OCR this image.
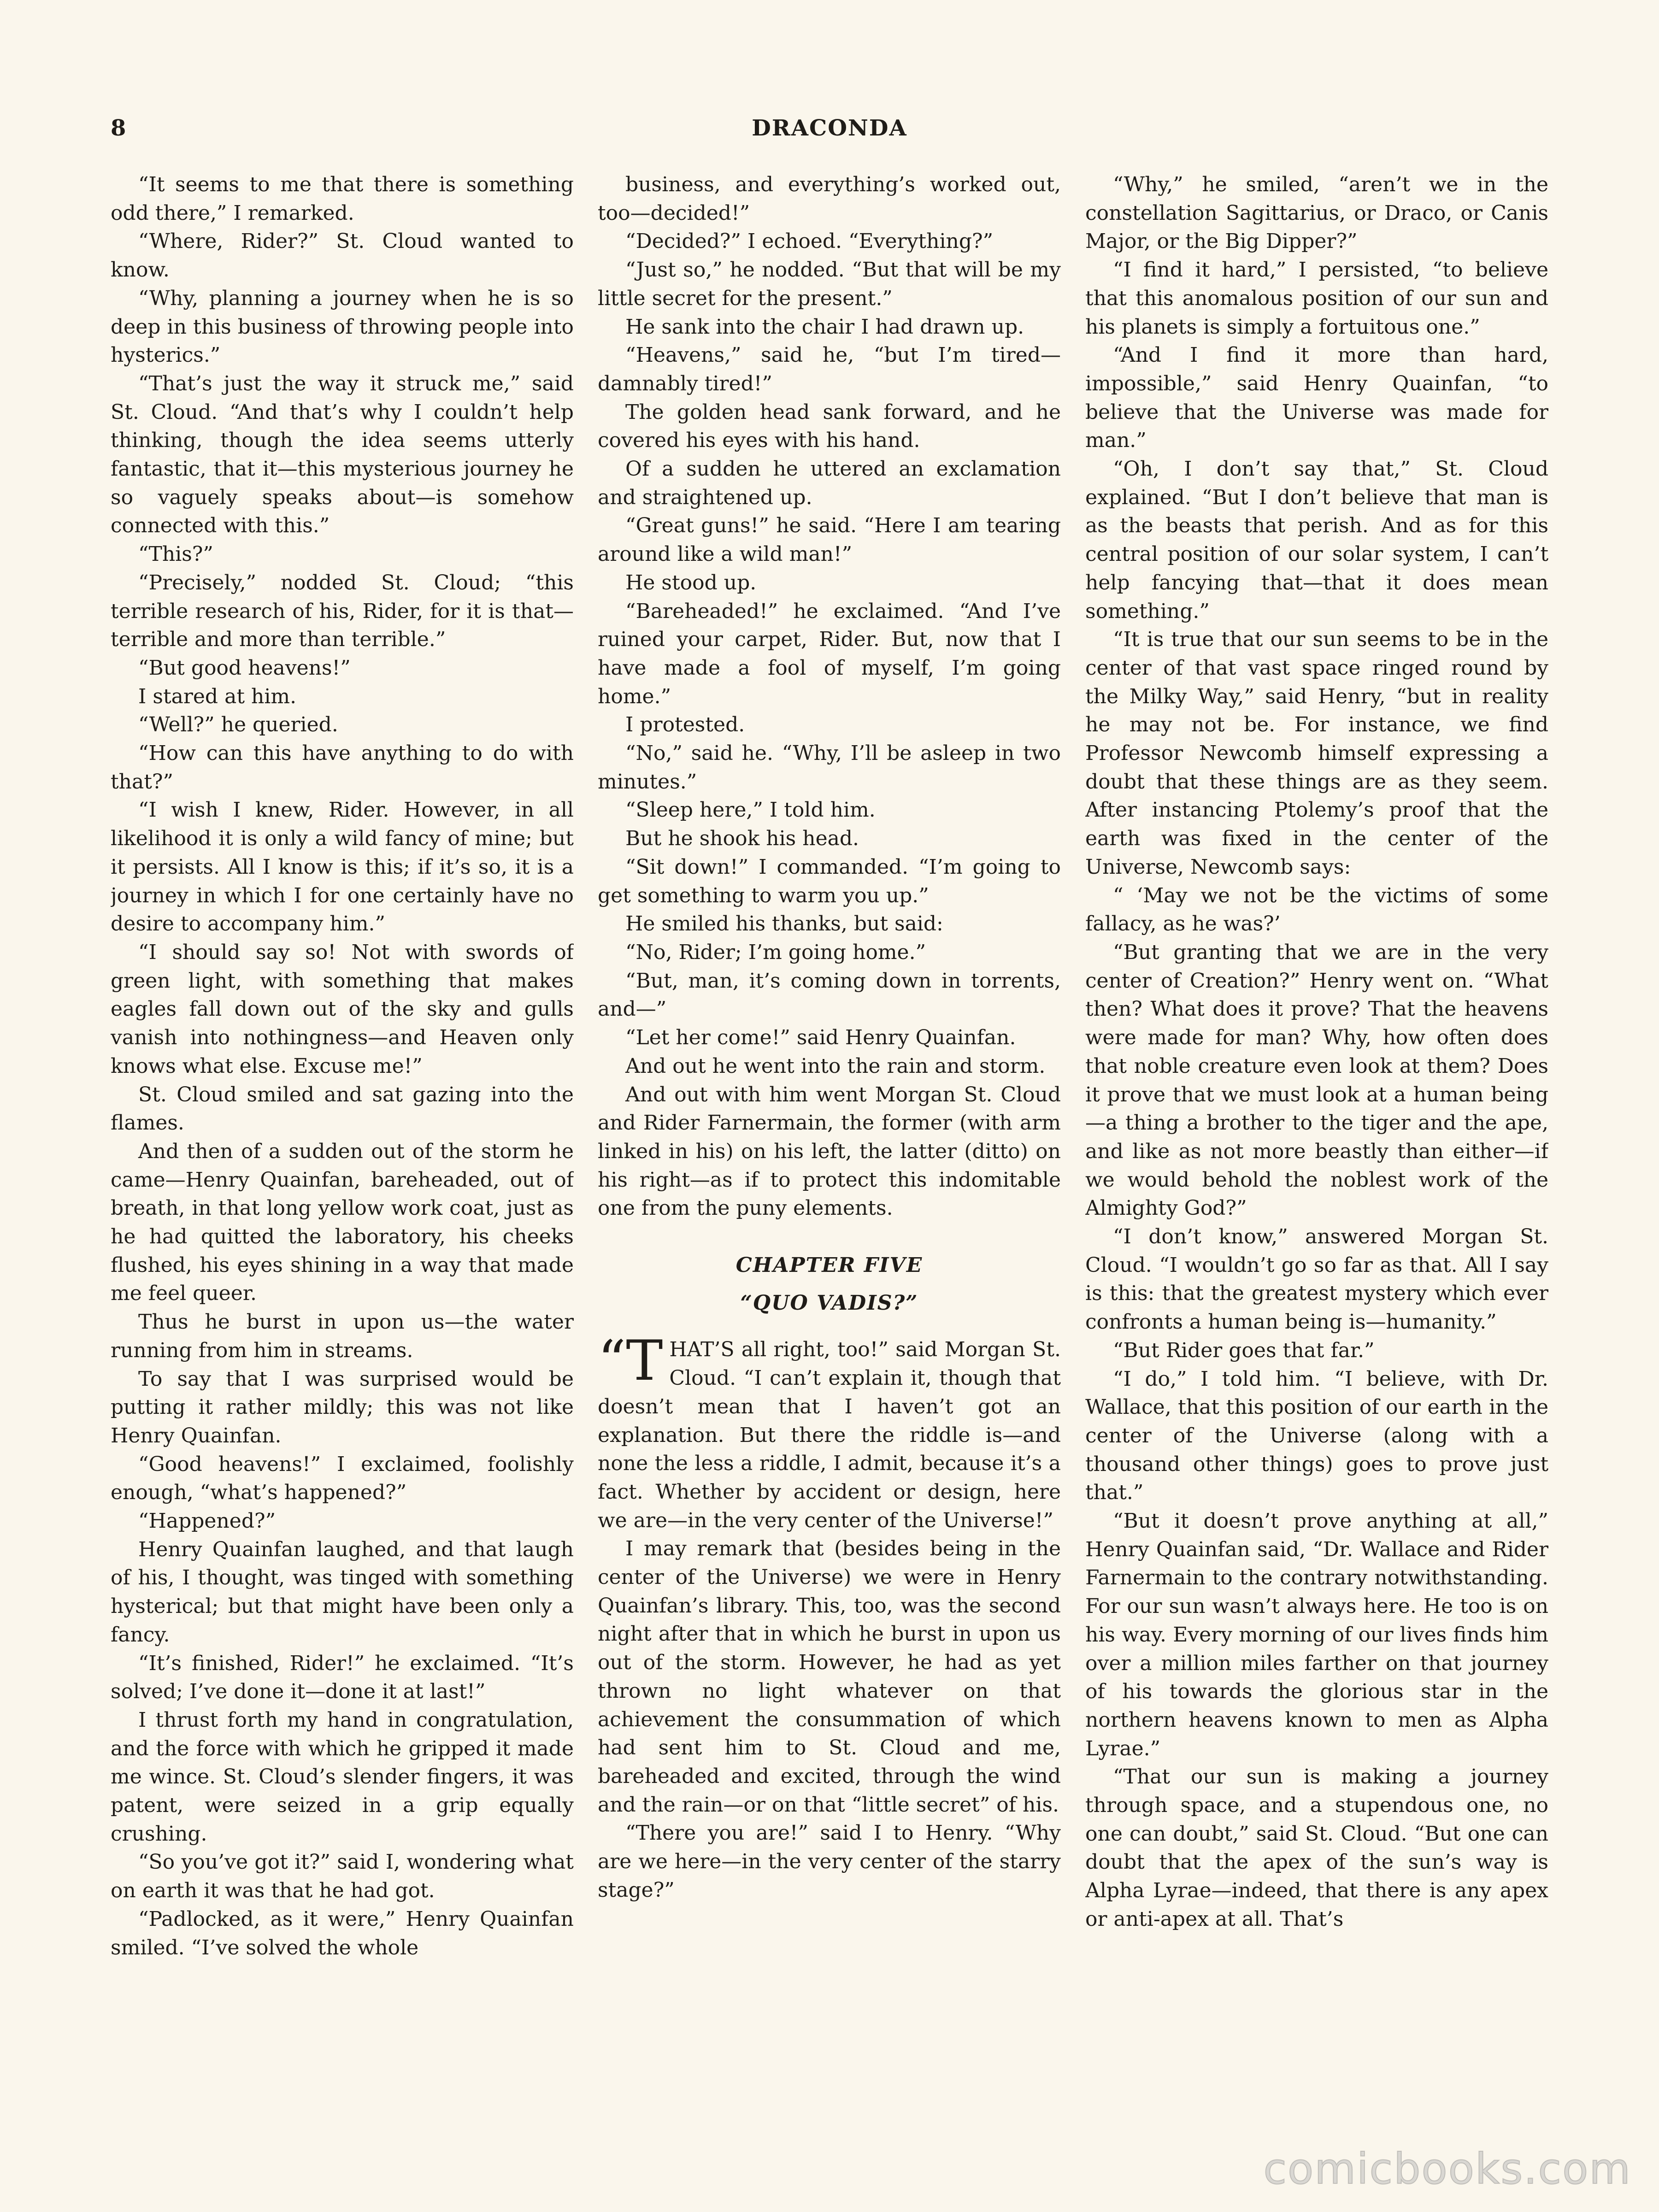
8	DRACONDA

“It seems to me that there is something odd there,” I remarked.

“Where, Rider?” St. Cloud wanted to know.

“Why, planning a journey when he is so deep in this business of throwing people into hysterics.”

“That’s just the way it struck me,” said St. Cloud. “And that’s why I couldn’t help thinking, though the idea seems utterly fantastic, that it—this mysterious journey he so vaguely speaks about—is somehow connected with this.”

“This?”

“Precisely,” nodded St. Cloud; “this terrible research of his, Rider, for it is that—terrible and more than terrible.”

“But good heavens!”

I stared at him.

“Well?” he queried.

“How can this have anything to do with that?”

“I wish I knew, Rider. However, in all likelihood it is only a wild fancy of mine; but it persists. All I know is this; if it’s so, it is a journey in which I for one certainly have no desire to accompany him.”

“I should say so! Not with swords of green light, with something that makes eagles fall down out of the sky and gulls vanish into nothingness—and Heaven only knows what else. Excuse me!”

St. Cloud smiled and sat gazing into the flames.

And then of a sudden out of the storm he came—Henry Quainfan, bareheaded, out of breath, in that long yellow work coat, just as he had quitted the laboratory, his cheeks flushed, his eyes shining in a way that made me feel queer.

Thus he burst in upon us—the water running from him in streams.

To say that I was surprised would be putting it rather mildly; this was not like Henry Quainfan.

“Good heavens!” I exclaimed, foolishly enough, “what’s happened?”

“Happened?”

Henry Quainfan laughed, and that laugh of his, I thought, was tinged with something hysterical; but that might have been only a fancy.

“It’s finished, Rider!” he exclaimed. “It’s solved; I’ve done it—done it at last!”

I thrust forth my hand in congratulation, and the force with which he gripped it made me wince. St. Cloud’s slender fingers, it was patent, were seized in a grip equally crushing.

“So you’ve got it?” said I, wondering what on earth it was that he had got.

“Padlocked, as it were,” Henry Quainfan smiled. “I’ve solved the whole

business, and everything’s worked out, too—decided!”

“Decided?” I echoed. “Everything?”

“Just so,” he nodded. “But that will be my little secret for the present.”

He sank into the chair I had drawn up.

“Heavens,” said he, “but I’m tired—damnably tired!”

The golden head sank forward, and he covered his eyes with his hand.

Of a sudden he uttered an exclamation and straightened up.

“Great guns!” he said. “Here I am tearing around like a wild man!”

He stood up.

“Bareheaded!” he exclaimed. “And I’ve ruined your carpet, Rider. But, now that I have made a fool of myself, I’m going home.”

I protested.

“No,” said he. “Why, I’ll be asleep in two minutes.”

“Sleep here,” I told him.

But he shook his head.

“Sit down!” I commanded. “I’m going to get something to warm you up.”

He smiled his thanks, but said:

“No, Rider; I’m going home.”

“But, man, it’s coming down in torrents, and—”

“Let her come!” said Henry Quainfan.

And out he went into the rain and storm.

And out with him went Morgan St. Cloud and Rider Farnermain, the former (with arm linked in his) on his left, the latter (ditto) on his right—as if to protect this indomitable one from the puny elements.

CHAPTER FIVE
“QUO VADIS?”

“THAT’S all right, too!” said Morgan St. Cloud. “I can’t explain it, though that doesn’t mean that I haven’t got an explanation. But there the riddle is—and none the less a riddle, I admit, because it’s a fact. Whether by accident or design, here we are—in the very center of the Universe!”

I may remark that (besides being in the center of the Universe) we were in Henry Quainfan’s library. This, too, was the second night after that in which he burst in upon us out of the storm. However, he had as yet thrown no light whatever on that achievement the consummation of which had sent him to St. Cloud and me, bareheaded and excited, through the wind and the rain—or on that “little secret” of his.

“There you are!” said I to Henry. “Why are we here—in the very center of the starry stage?”

“Why,” he smiled, “aren’t we in the constellation Sagittarius, or Draco, or Canis Major, or the Big Dipper?”

“I find it hard,” I persisted, “to believe that this anomalous position of our sun and his planets is simply a fortuitous one.”

“And I find it more than hard, impossible,” said Henry Quainfan, “to believe that the Universe was made for man.”

“Oh, I don’t say that,” St. Cloud explained. “But I don’t believe that man is as the beasts that perish. And as for this central position of our solar system, I can’t help fancying that—that it does mean something.”

“It is true that our sun seems to be in the center of that vast space ringed round by the Milky Way,” said Henry, “but in reality he may not be. For instance, we find Professor Newcomb himself expressing a doubt that these things are as they seem. After instancing Ptolemy’s proof that the earth was fixed in the center of the Universe, Newcomb says:

“ ‘May we not be the victims of some fallacy, as he was?’

“But granting that we are in the very center of Creation?” Henry went on. “What then? What does it prove? That the heavens were made for man? Why, how often does that noble creature even look at them? Does it prove that we must look at a human being—a thing a brother to the tiger and the ape, and like as not more beastly than either—if we would behold the noblest work of the Almighty God?”

“I don’t know,” answered Morgan St. Cloud. “I wouldn’t go so far as that. All I say is this: that the greatest mystery which ever confronts a human being is—humanity.”

“But Rider goes that far.”

“I do,” I told him. “I believe, with Dr. Wallace, that this position of our earth in the center of the Universe (along with a thousand other things) goes to prove just that.”

“But it doesn’t prove anything at all,” Henry Quainfan said, “Dr. Wallace and Rider Farnermain to the contrary notwithstanding. For our sun wasn’t always here. He too is on his way. Every morning of our lives finds him over a million miles farther on that journey of his towards the glorious star in the northern heavens known to men as Alpha Lyrae.”

“That our sun is making a journey through space, and a stupendous one, no one can doubt,” said St. Cloud. “But one can doubt that the apex of the sun’s way is Alpha Lyrae—indeed, that there is any apex or anti-apex at all. That’s

comicbooks.com
